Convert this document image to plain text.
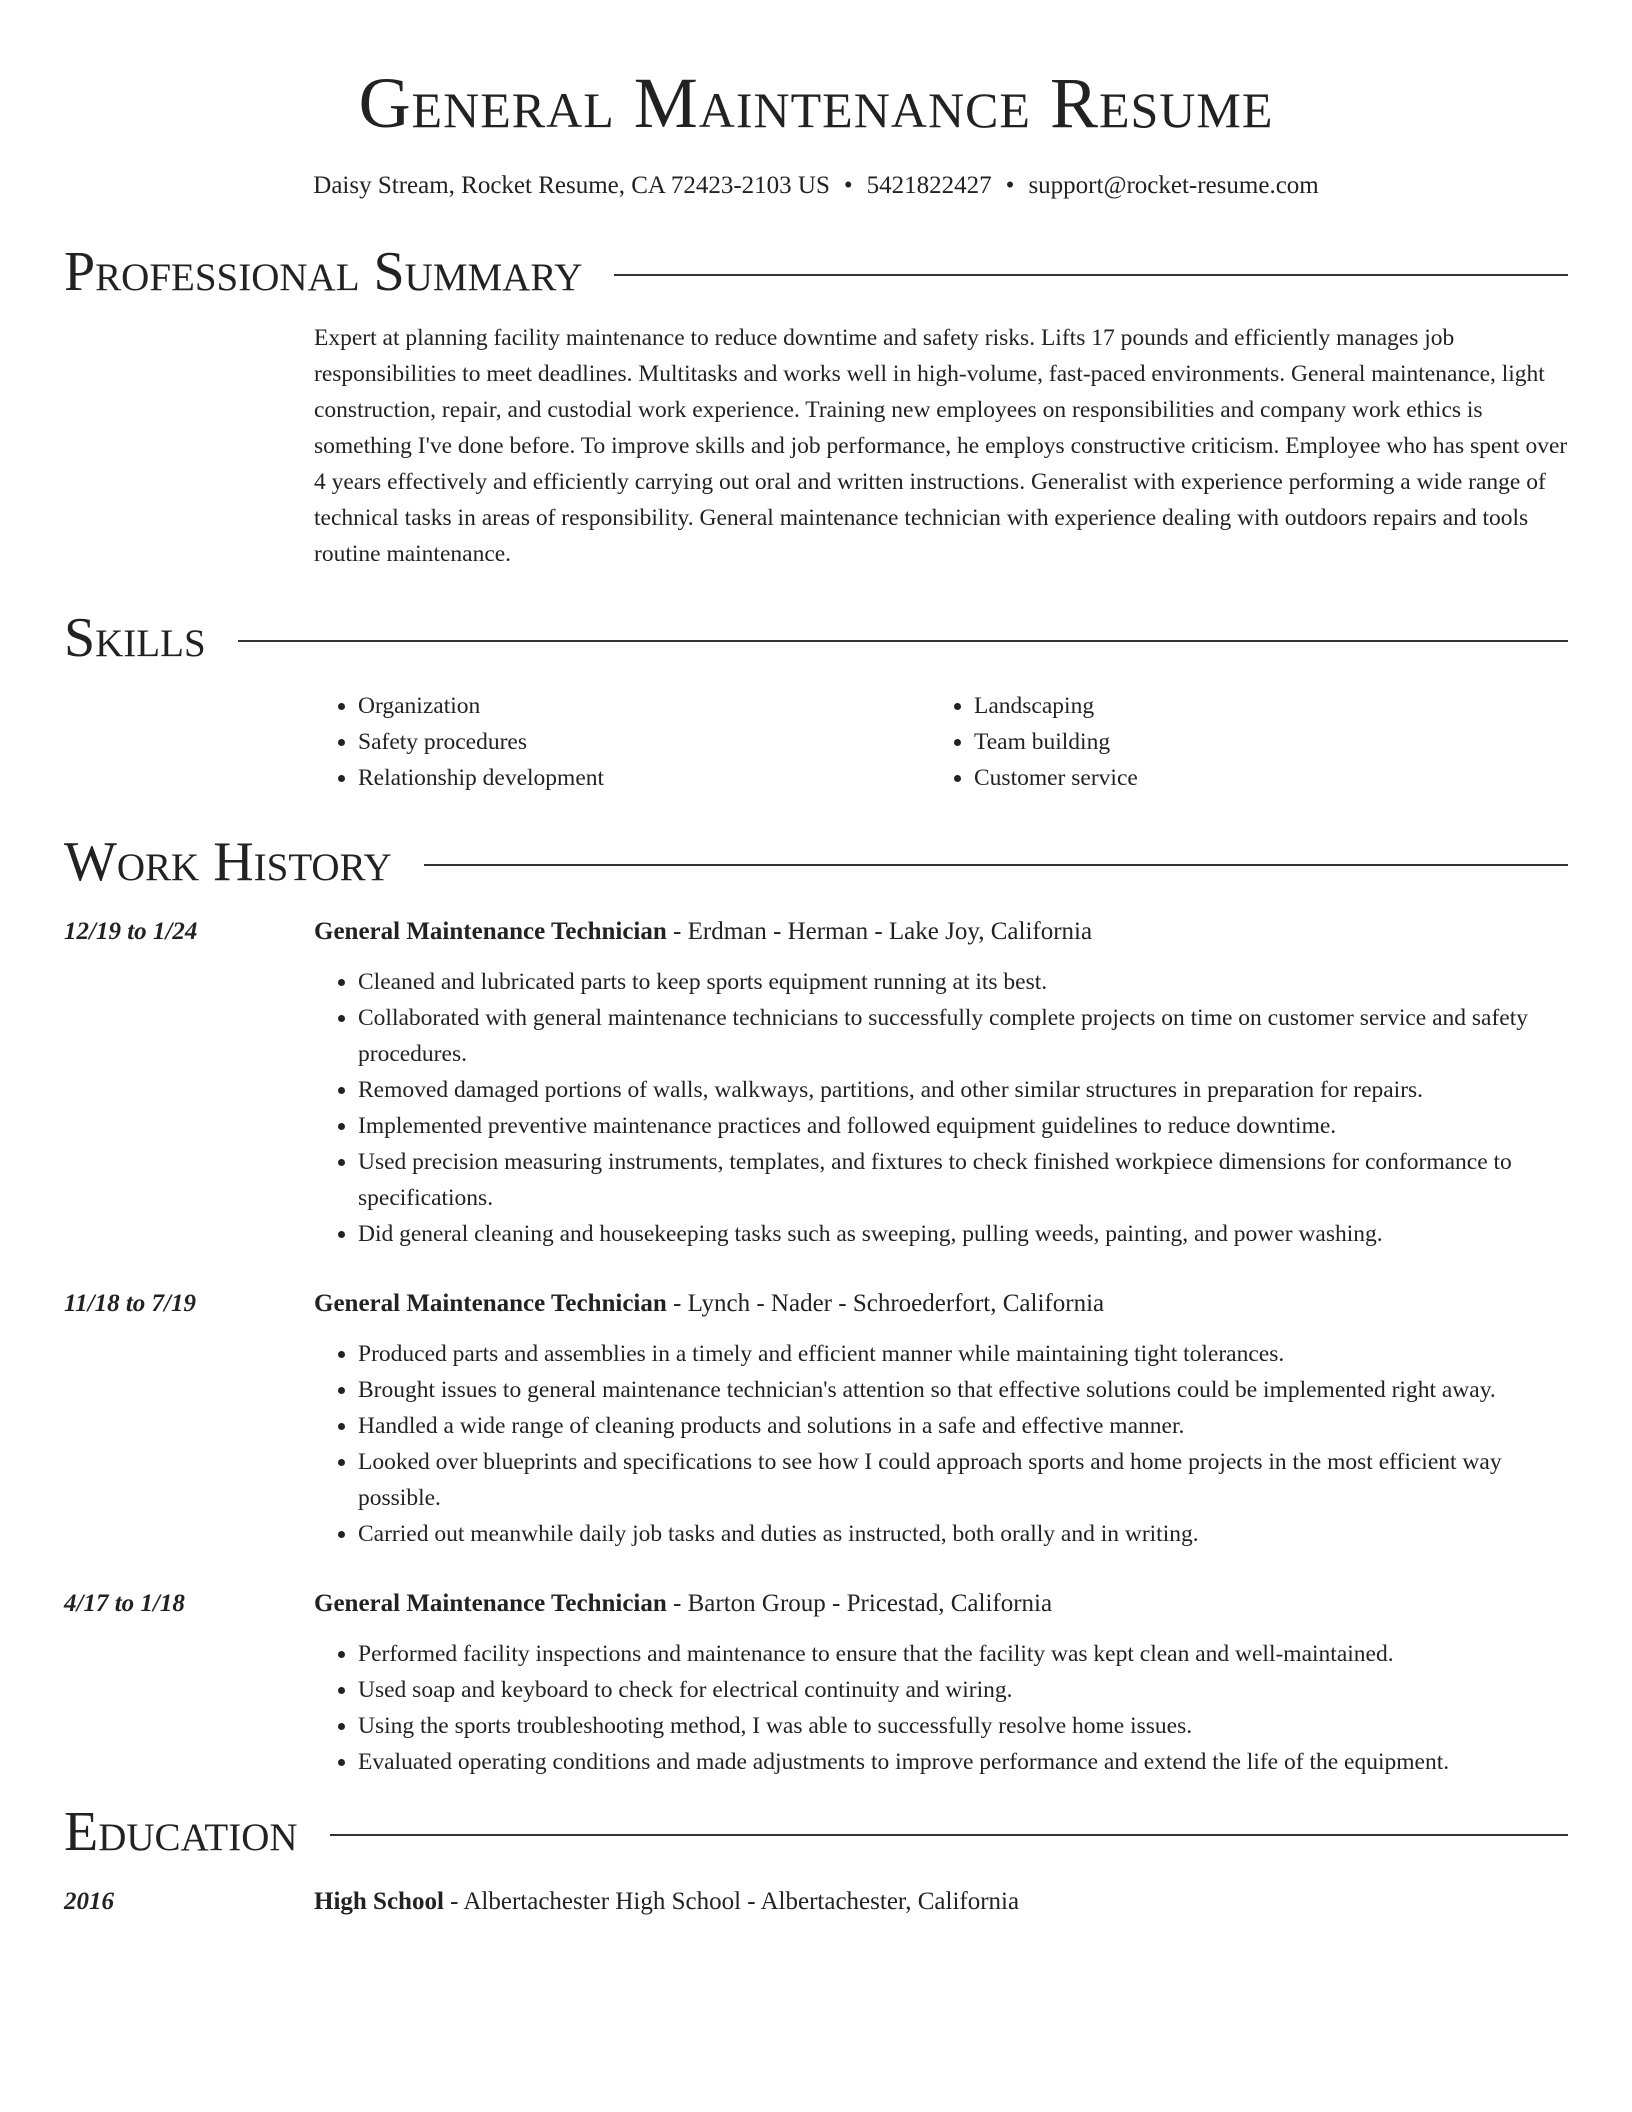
General Maintenance Resume
Daisy Stream, Rocket Resume, CA 72423-2103 US • 5421822427 • support@rocket-resume.com
Professional Summary
Expert at planning facility maintenance to reduce downtime and safety risks. Lifts 17 pounds and efficiently manages job responsibilities to meet deadlines. Multitasks and works well in high-volume, fast-paced environments. General maintenance, light construction, repair, and custodial work experience. Training new employees on responsibilities and company work ethics is something I've done before. To improve skills and job performance, he employs constructive criticism. Employee who has spent over 4 years effectively and efficiently carrying out oral and written instructions. Generalist with experience performing a wide range of technical tasks in areas of responsibility. General maintenance technician with experience dealing with outdoors repairs and tools routine maintenance.
Skills
• Organization
• Safety procedures
• Relationship development
• Landscaping
• Team building
• Customer service
Work History
12/19 to 1/24	General Maintenance Technician - Erdman - Herman - Lake Joy, California
• Cleaned and lubricated parts to keep sports equipment running at its best.
• Collaborated with general maintenance technicians to successfully complete projects on time on customer service and safety procedures.
• Removed damaged portions of walls, walkways, partitions, and other similar structures in preparation for repairs.
• Implemented preventive maintenance practices and followed equipment guidelines to reduce downtime.
• Used precision measuring instruments, templates, and fixtures to check finished workpiece dimensions for conformance to specifications.
• Did general cleaning and housekeeping tasks such as sweeping, pulling weeds, painting, and power washing.
11/18 to 7/19	General Maintenance Technician - Lynch - Nader - Schroederfort, California
• Produced parts and assemblies in a timely and efficient manner while maintaining tight tolerances.
• Brought issues to general maintenance technician's attention so that effective solutions could be implemented right away.
• Handled a wide range of cleaning products and solutions in a safe and effective manner.
• Looked over blueprints and specifications to see how I could approach sports and home projects in the most efficient way possible.
• Carried out meanwhile daily job tasks and duties as instructed, both orally and in writing.
4/17 to 1/18	General Maintenance Technician - Barton Group - Pricestad, California
• Performed facility inspections and maintenance to ensure that the facility was kept clean and well-maintained.
• Used soap and keyboard to check for electrical continuity and wiring.
• Using the sports troubleshooting method, I was able to successfully resolve home issues.
• Evaluated operating conditions and made adjustments to improve performance and extend the life of the equipment.
Education
2016	High School - Albertachester High School - Albertachester, California
